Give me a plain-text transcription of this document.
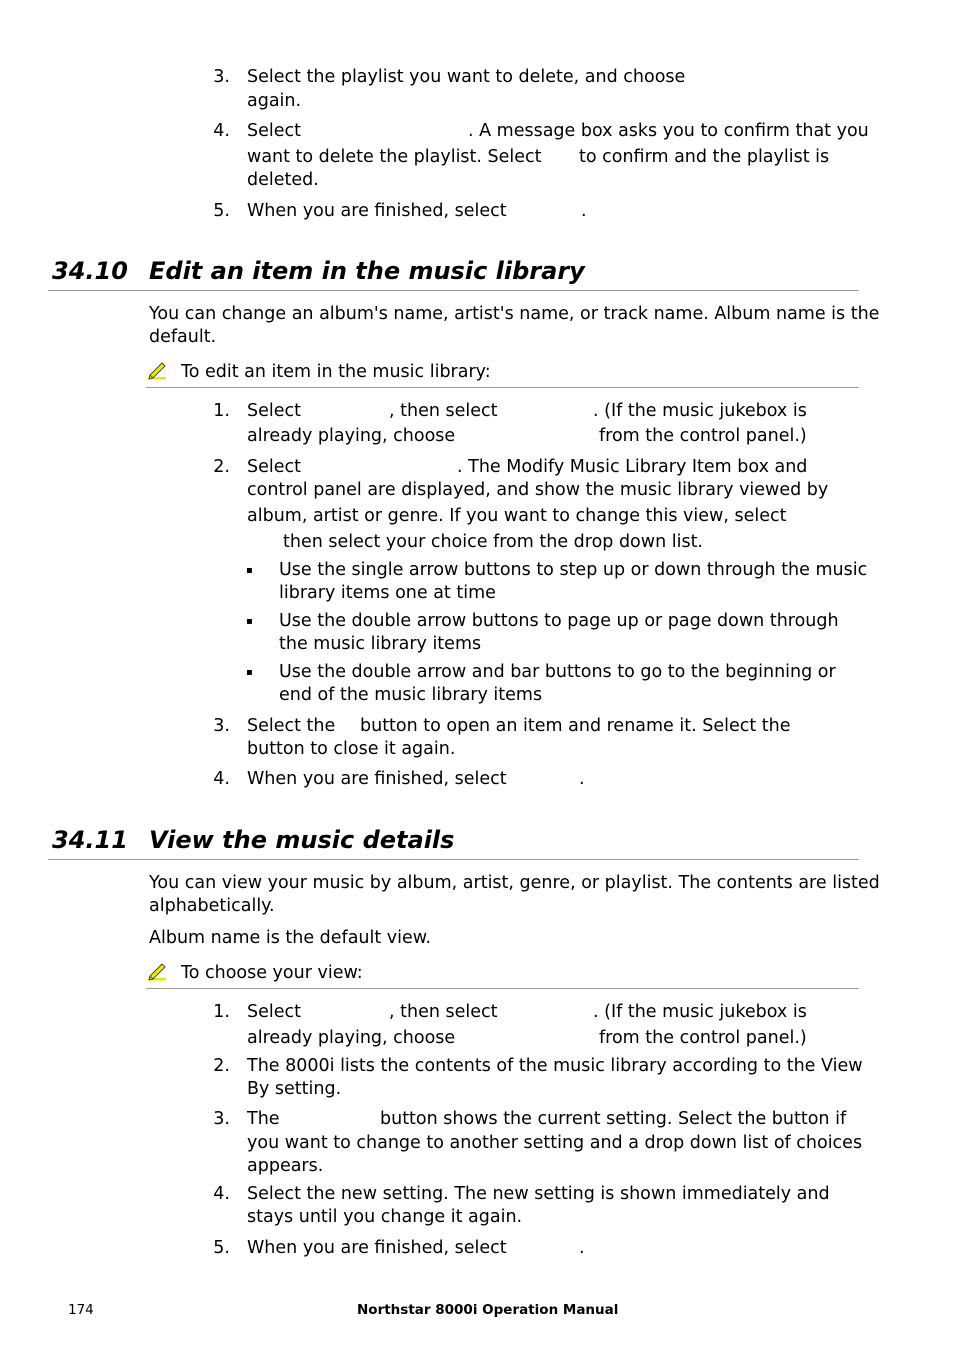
3. Select the playlist you want to delete, and choose
again.
4. Select	. A message box asks you to confirm that you
want to delete the playlist. Select to confirm and the playlist is
deleted.
5. When you are finished, select	.
34.10 Edit an item in the music library
You can change an album's name, artist's name, or track name. Album name is the
default.
To edit an item in the music library:
1. Select	, then select	. (If the music jukebox is
already playing, choose	from the control panel.)
2. Select	. The Modify Music Library Item box and
control panel are displayed, and show the music library viewed by
album, artist or genre. If you want to change this view, select
then select your choice from the drop down list.
▪ Use the single arrow buttons to step up or down through the music
library items one at time
▪ Use the double arrow buttons to page up or page down through
the music library items
▪ Use the double arrow and bar buttons to go to the beginning or
end of the music library items
3. Select the button to open an item and rename it. Select the
button to close it again.
4. When you are finished, select	.
34.11 View the music details
You can view your music by album, artist, genre, or playlist. The contents are listed
alphabetically.
Album name is the default view.
To choose your view:
1. Select	, then select	. (If the music jukebox is
already playing, choose	from the control panel.)
2. The 8000i lists the contents of the music library according to the View
By setting.
3. The	button shows the current setting. Select the button if
you want to change to another setting and a drop down list of choices
appears.
4. Select the new setting. The new setting is shown immediately and
stays until you change it again.
5. When you are finished, select	.
174	Northstar 8000i Operation Manual
